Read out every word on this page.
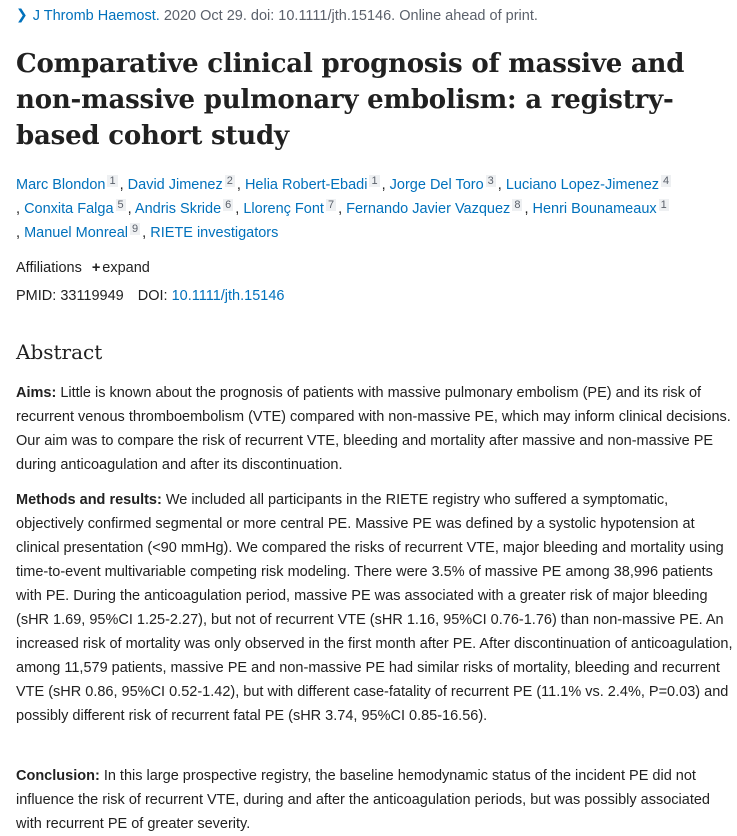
❯ J Thromb Haemost. 2020 Oct 29. doi: 10.1111/jth.15146. Online ahead of print.
Comparative clinical prognosis of massive and non-massive pulmonary embolism: a registry-based cohort study
Marc Blondon $^1$ , David Jimenez $^2$ , Helia Robert-Ebadi $^1$ , Jorge Del Toro $^3$ , Luciano Lopez-Jimenez $^4$
, Conxita Falga $^5$ , Andris Skride $^6$ , Llorenç Font $^7$ , Fernando Javier Vazquez $^8$ , Henri Bounameaux $^1$
, Manuel Monreal $^9$ , RIETE investigators
Affiliations + expand
PMID: 33119949 DOI: 10.1111/jth.15146
Abstract

Aims: Little is known about the prognosis of patients with massive pulmonary embolism (PE) and its risk of recurrent venous thromboembolism (VTE) compared with non-massive PE, which may inform clinical decisions. Our aim was to compare the risk of recurrent VTE, bleeding and mortality after massive and non-massive PE during anticoagulation and after its discontinuation.

Methods and results: We included all participants in the RIETE registry who suffered a symptomatic, objectively confirmed segmental or more central PE. Massive PE was defined by a systolic hypotension at clinical presentation (<90 mmHg). We compared the risks of recurrent VTE, major bleeding and mortality using time-to-event multivariable competing risk modeling. There were 3.5% of massive PE among 38,996 patients with PE. During the anticoagulation period, massive PE was associated with a greater risk of major bleeding (sHR 1.69, 95%CI 1.25-2.27), but not of recurrent VTE (sHR 1.16, 95%CI 0.76-1.76) than non-massive PE. An increased risk of mortality was only observed in the first month after PE. After discontinuation of anticoagulation, among 11,579 patients, massive PE and non-massive PE had similar risks of mortality, bleeding and recurrent VTE (sHR 0.86, 95%CI 0.52-1.42), but with different case-fatality of recurrent PE (11.1% vs. 2.4%, P=0.03) and possibly different risk of recurrent fatal PE (sHR 3.74, 95%CI 0.85-16.56).

Conclusion: In this large prospective registry, the baseline hemodynamic status of the incident PE did not influence the risk of recurrent VTE, during and after the anticoagulation periods, but was possibly associated with recurrent PE of greater severity.
